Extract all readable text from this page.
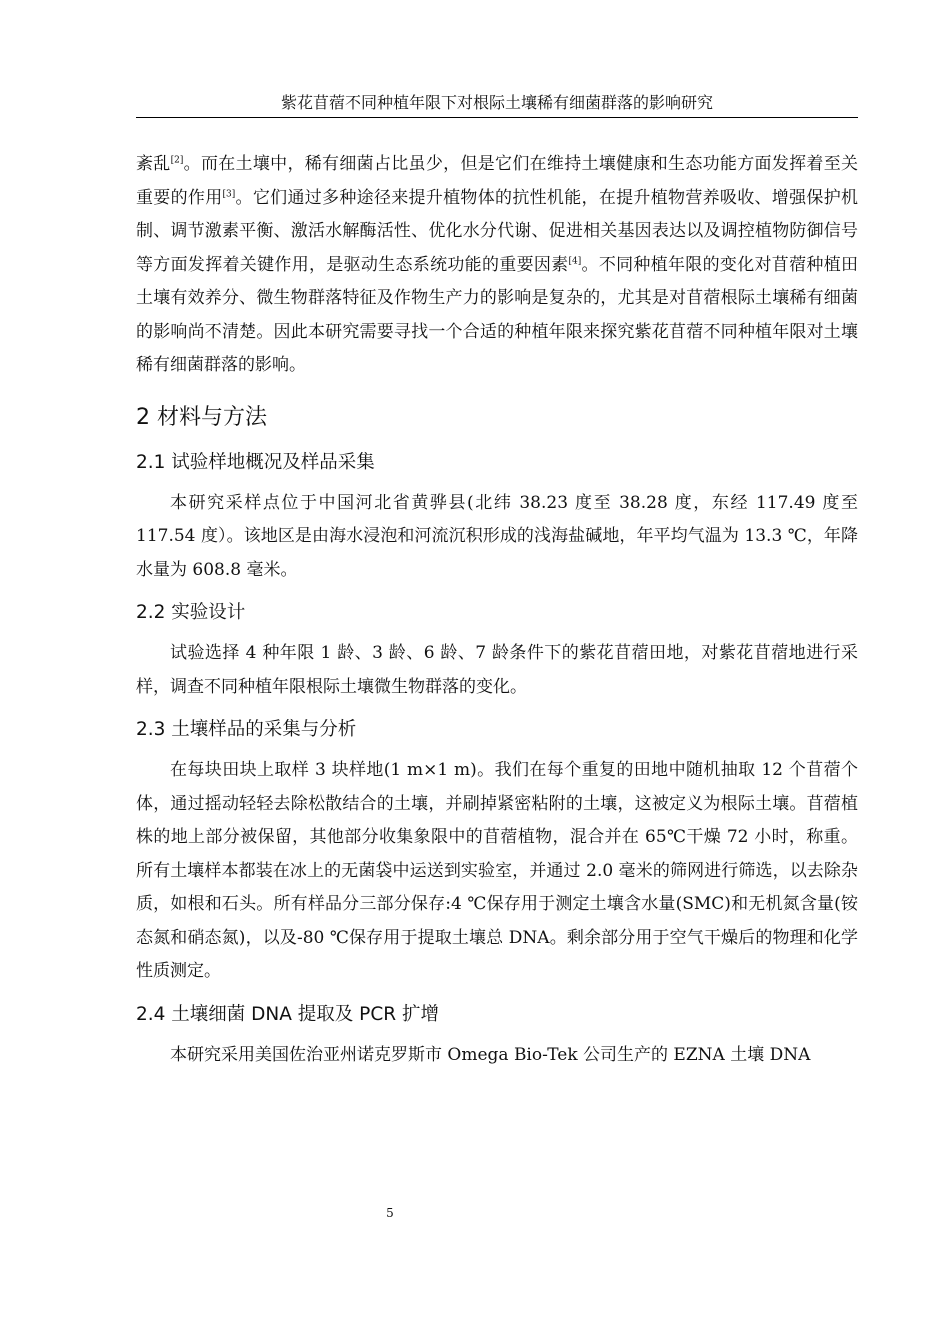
紫花苜蓿不同种植年限下对根际土壤稀有细菌群落的影响研究

紊乱[2]。而在土壤中，稀有细菌占比虽少，但是它们在维持土壤健康和生态功能方面发挥着至关重要的作用[3]。它们通过多种途径来提升植物体的抗性机能，在提升植物营养吸收、增强保护机制、调节激素平衡、激活水解酶活性、优化水分代谢、促进相关基因表达以及调控植物防御信号等方面发挥着关键作用，是驱动生态系统功能的重要因素[4]。不同种植年限的变化对苜蓿种植田土壤有效养分、微生物群落特征及作物生产力的影响是复杂的，尤其是对苜蓿根际土壤稀有细菌的影响尚不清楚。因此本研究需要寻找一个合适的种植年限来探究紫花苜蓿不同种植年限对土壤稀有细菌群落的影响。

2 材料与方法
2.1 试验样地概况及样品采集

本研究采样点位于中国河北省黄骅县(北纬 38.23 度至 38.28 度，东经 117.49 度至 117.54 度）。该地区是由海水浸泡和河流沉积形成的浅海盐碱地，年平均气温为 13.3 ℃，年降水量为 608.8 毫米。

2.2 实验设计

试验选择 4 种年限 1 龄、3 龄、6 龄、7 龄条件下的紫花苜蓿田地，对紫花苜蓿地进行采样，调查不同种植年限根际土壤微生物群落的变化。

2.3 土壤样品的采集与分析

在每块田块上取样 3 块样地(1 m×1 m)。我们在每个重复的田地中随机抽取 12 个苜蓿个体，通过摇动轻轻去除松散结合的土壤，并刷掉紧密粘附的土壤，这被定义为根际土壤。苜蓿植株的地上部分被保留，其他部分收集象限中的苜蓿植物，混合并在 65℃干燥 72 小时，称重。所有土壤样本都装在冰上的无菌袋中运送到实验室，并通过 2.0 毫米的筛网进行筛选，以去除杂质，如根和石头。所有样品分三部分保存:4 ℃保存用于测定土壤含水量(SMC)和无机氮含量(铵态氮和硝态氮)，以及-80 ℃保存用于提取土壤总 DNA。剩余部分用于空气干燥后的物理和化学性质测定。

2.4 土壤细菌 DNA 提取及 PCR 扩增

本研究采用美国佐治亚州诺克罗斯市 Omega Bio-Tek 公司生产的 EZNA 土壤 DNA

5
